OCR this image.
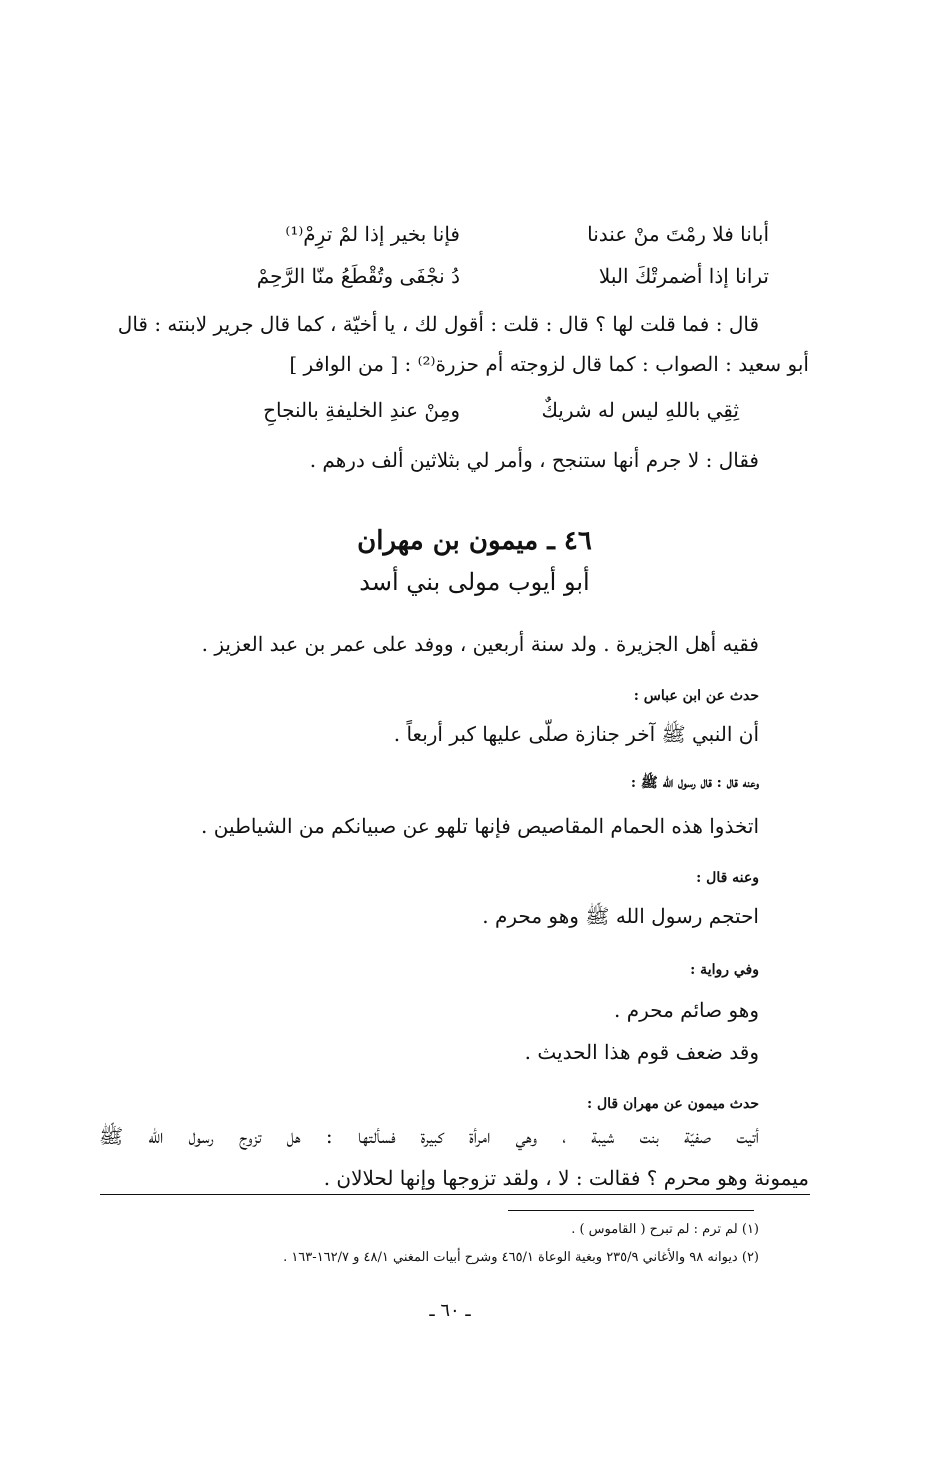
أبانا فلا رمْتَ منْ عندنا
فإنا بخير إذا لمْ ترِمْ⁽¹⁾
ترانا إذا أضمرتْكَ البلا
دُ نجْفَى وتُقْطَعُ منّا الرَّحِمْ
قال : فما قلت لها ؟ قال : قلت : أقول لك ، يا أخيّة ، كما قال جرير لابنته : قال
أبو سعيد : الصواب : كما قال لزوجته أم حزرة⁽²⁾ : [ من الوافر ]
ثِقِي باللهِ ليس له شريكٌ
ومِنْ عندِ الخليفةِ بالنجاحِ
فقال : لا جرم أنها ستنجح ، وأمر لي بثلاثين ألف درهم .
٤٦ ـ ميمون بن مهران
أبو أيوب مولى بني أسد
فقيه أهل الجزيرة . ولد سنة أربعين ، ووفد على عمر بن عبد العزيز .
حدث عن ابن عباس :
أن النبي ﷺ آخر جنازة صلّى عليها كبر أربعاً .
وعنه قال : قال رسول الله ﷺ :
اتخذوا هذه الحمام المقاصيص فإنها تلهو عن صبيانكم من الشياطين .
وعنه قال :
احتجم رسول الله ﷺ وهو محرم .
وفي رواية :
وهو صائم محرم .
وقد ضعف قوم هذا الحديث .
حدث ميمون عن مهران قال :
أتيت صفيّة بنت شيبة ، وهي امرأة كبيرة فسألتها : هل تزوج رسول الله ﷺ
ميمونة وهو محرم ؟ فقالت : لا ، ولقد تزوجها وإنها لحلالان .
(١) لم ترم : لم تبرح ( القاموس ) .
(٢) ديوانه ٩٨ والأغاني ٢٣٥/٩ وبغية الوعاة ٤٦٥/١ وشرح أبيات المغني ٤٨/١ و ١٦٢/٧-١٦٣ .
ـ ٦٠ ـ
